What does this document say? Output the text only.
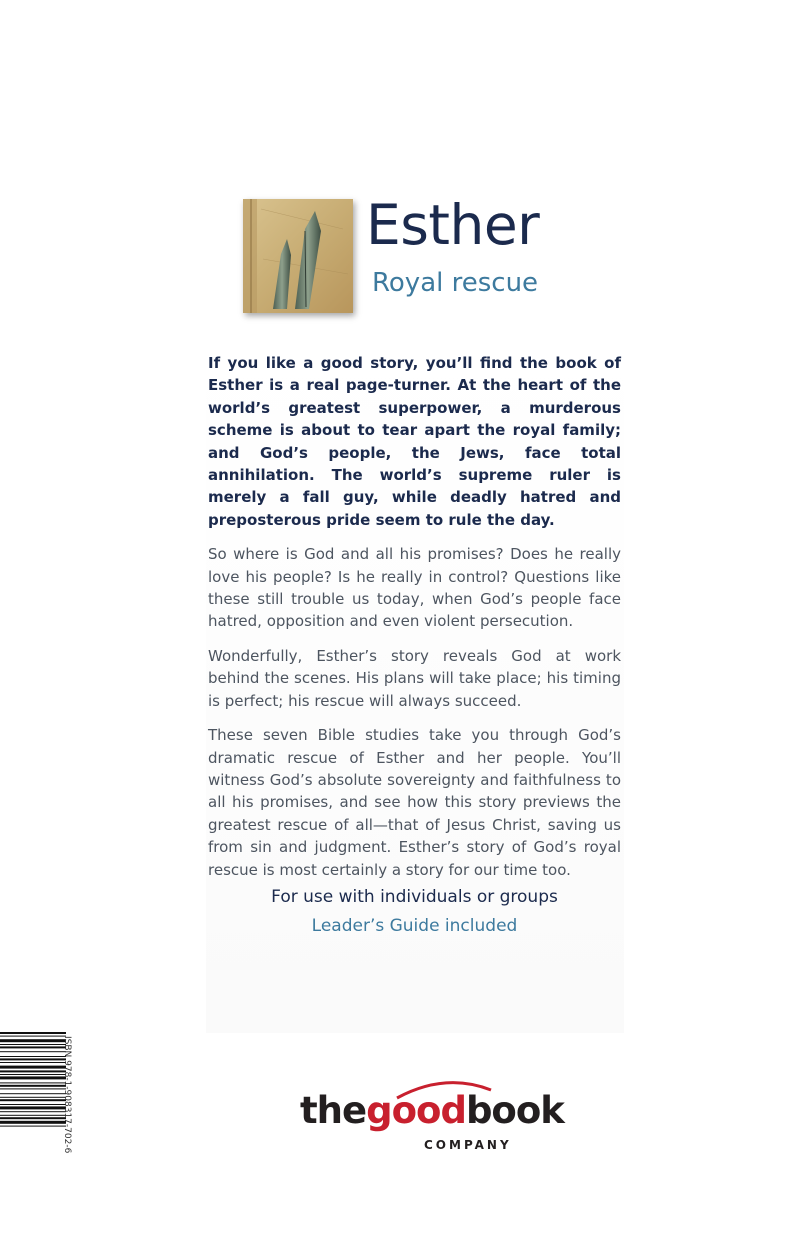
Esther
Royal rescue

If you like a good story, you’ll find the book of Esther is a real page-turner. At the heart of the world’s greatest superpower, a murderous scheme is about to tear apart the royal family; and God’s people, the Jews, face total annihilation. The world’s supreme ruler is merely a fall guy, while deadly hatred and preposterous pride seem to rule the day.

So where is God and all his promises? Does he really love his people? Is he really in control? Questions like these still trouble us today, when God’s people face hatred, opposition and even violent persecution.

Wonderfully, Esther’s story reveals God at work behind the scenes. His plans will take place; his timing is perfect; his rescue will always succeed.

These seven Bible studies take you through God’s dramatic rescue of Esther and her people. You’ll witness God’s absolute sovereignty and faithfulness to all his promises, and see how this story previews the greatest rescue of all—that of Jesus Christ, saving us from sin and judgment. Esther’s story of God’s royal rescue is most certainly a story for our time too.

For use with individuals or groups
Leader’s Guide included
ISBN 978-1-908317-702-6	thegoodbook
COMPANY
